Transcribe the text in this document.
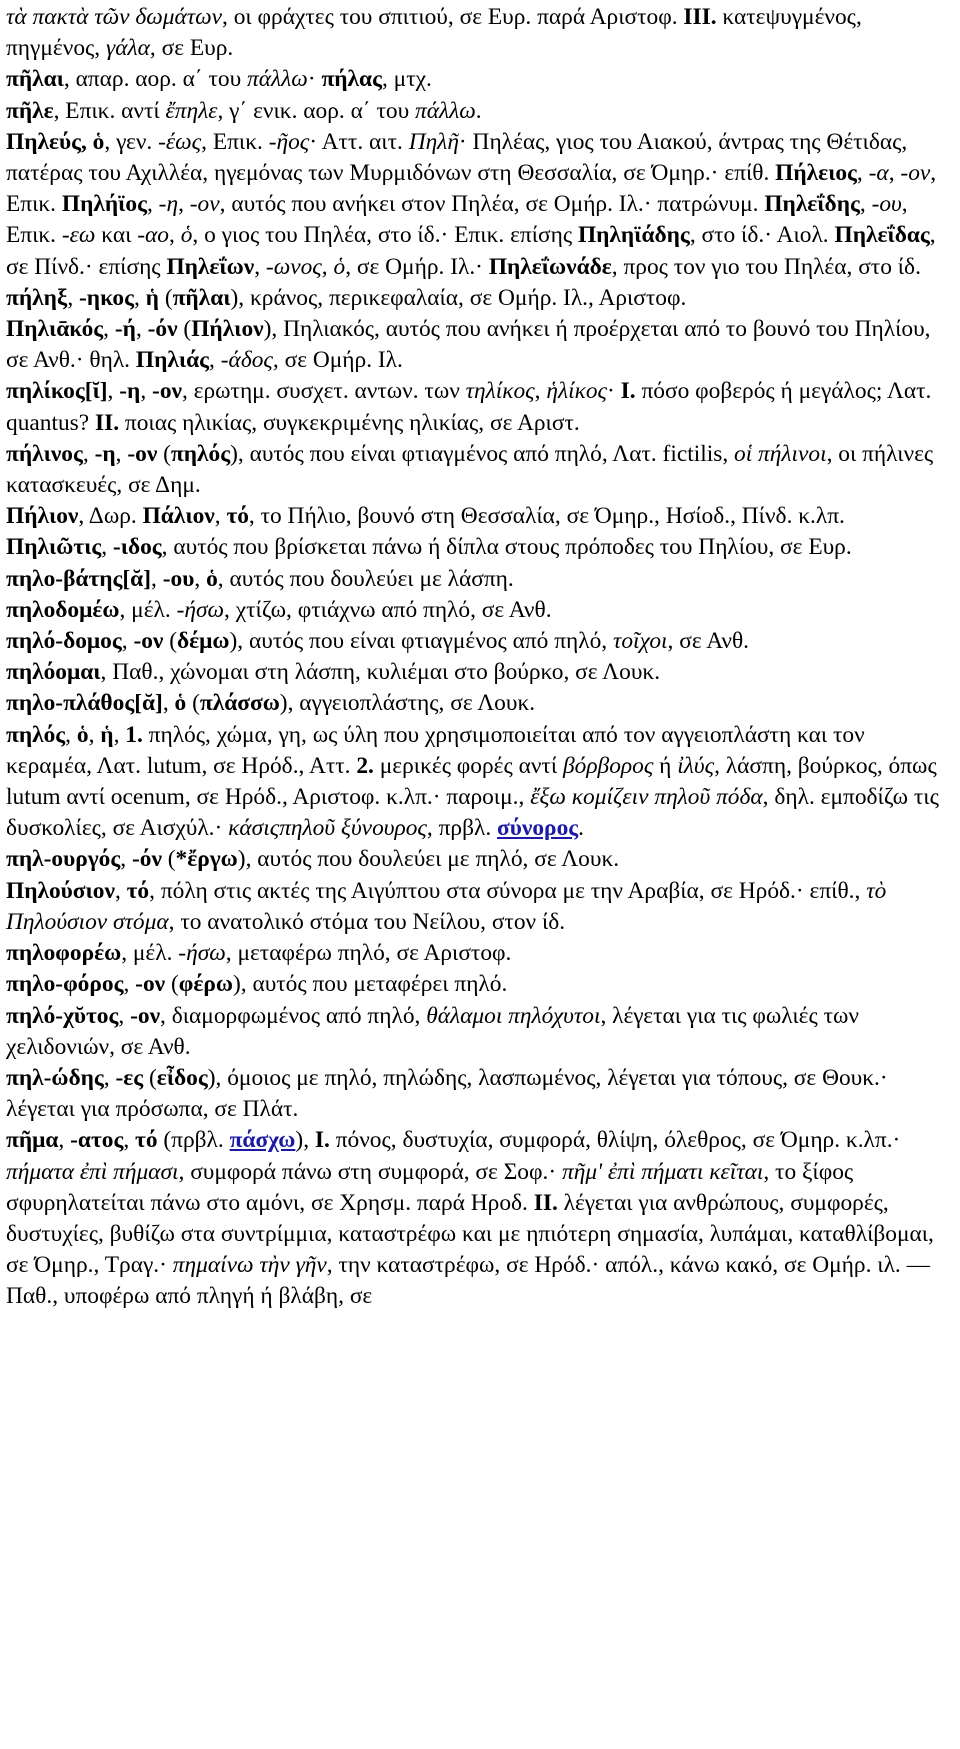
τὰ πακτὰ τῶν δωμάτων, οι φράχτες του σπιτιού, σε Ευρ. παρά Αριστοφ. III. κατεψυγμένος, πηγμένος, γάλα, σε Ευρ.

πῆλαι, απαρ. αορ. α΄ του πάλλω· πήλας, μτχ.

πῆλε, Επικ. αντί ἔπηλε, γ΄ ενικ. αορ. α΄ του πάλλω.

Πηλεύς, ὁ, γεν. -έως, Επικ. -ῆος· Αττ. αιτ. Πηλῆ· Πηλέας, γιος του Αιακού, άντρας της Θέτιδας, πατέρας του Αχιλλέα, ηγεμόνας των Μυρμιδόνων στη Θεσσαλία, σε Όμηρ.· επίθ. Πήλειος, -α, -ον, Επικ. Πηλήϊος, -η, -ον, αυτός που ανήκει στον Πηλέα, σε Ομήρ. Ιλ.· πατρώνυμ. Πηλεΐδης, -ου, Επικ. -εω και -αο, ὁ, ο γιος του Πηλέα, στο ίδ.· Επικ. επίσης Πηληϊάδης, στο ίδ.· Αιολ. Πηλεΐδας, σε Πίνδ.· επίσης Πηλεΐων, -ωνος, ὁ, σε Ομήρ. Ιλ.· Πηλεΐωνάδε, προς τον γιο του Πηλέα, στο ίδ.

πήληξ, -ηκος, ἡ (πῆλαι), κράνος, περικεφαλαία, σε Ομήρ. Ιλ., Αριστοφ.

Πηλιᾱκός, -ή, -όν (Πήλιον), Πηλιακός, αυτός που ανήκει ή προέρχεται από το βουνό του Πηλίου, σε Ανθ.· θηλ. Πηλιάς, -άδος, σε Ομήρ. Ιλ.

πηλίκος[ῐ], -η, -ον, ερωτημ. συσχετ. αντων. των τηλίκος, ἡλίκος· I. πόσο φοβερός ή μεγάλος; Λατ. quantus? II. ποιας ηλικίας, συγκεκριμένης ηλικίας, σε Αριστ.

πήλινος, -η, -ον (πηλός), αυτός που είναι φτιαγμένος από πηλό, Λατ. fictilis, οἱ πήλινοι, οι πήλινες κατασκευές, σε Δημ.

Πήλιον, Δωρ. Πάλιον, τό, το Πήλιο, βουνό στη Θεσσαλία, σε Όμηρ., Ησίοδ., Πίνδ. κ.λπ.

Πηλιῶτις, -ιδος, αυτός που βρίσκεται πάνω ή δίπλα στους πρόποδες του Πηλίου, σε Ευρ.

πηλο-βάτης[ᾰ], -ου, ὁ, αυτός που δουλεύει με λάσπη.

πηλοδομέω, μέλ. -ήσω, χτίζω, φτιάχνω από πηλό, σε Ανθ.

πηλό-δομος, -ον (δέμω), αυτός που είναι φτιαγμένος από πηλό, τοῖχοι, σε Ανθ.

πηλόομαι, Παθ., χώνομαι στη λάσπη, κυλιέμαι στο βούρκο, σε Λουκ.

πηλο-πλάθος[ᾰ], ὁ (πλάσσω), αγγειοπλάστης, σε Λουκ.

πηλός, ὁ, ἡ, 1. πηλός, χώμα, γη, ως ύλη που χρησιμοποιείται από τον αγγειοπλάστη και τον κεραμέα, Λατ. lutum, σε Ηρόδ., Αττ. 2. μερικές φορές αντί βόρβορος ή ἰλύς, λάσπη, βούρκος, όπως lutum αντί ocenum, σε Ηρόδ., Αριστοφ. κ.λπ.· παροιμ., ἔξω κομίζειν πηλοῦ πόδα, δηλ. εμποδίζω τις δυσκολίες, σε Αισχύλ.· κάσιςπηλοῦ ξύνουρος, πρβλ. σύνορος.

πηλ-ουργός, -όν (*ἔργω), αυτός που δουλεύει με πηλό, σε Λουκ.

Πηλούσιον, τό, πόλη στις ακτές της Αιγύπτου στα σύνορα με την Αραβία, σε Ηρόδ.· επίθ., τὸ Πηλούσιον στόμα, το ανατολικό στόμα του Νείλου, στον ίδ.

πηλοφορέω, μέλ. -ήσω, μεταφέρω πηλό, σε Αριστοφ.

πηλο-φόρος, -ον (φέρω), αυτός που μεταφέρει πηλό.

πηλό-χῠτος, -ον, διαμορφωμένος από πηλό, θάλαμοι πηλόχυτοι, λέγεται για τις φωλιές των χελιδονιών, σε Ανθ.

πηλ-ώδης, -ες (εἶδος), όμοιος με πηλό, πηλώδης, λασπωμένος, λέγεται για τόπους, σε Θουκ.· λέγεται για πρόσωπα, σε Πλάτ.

πῆμα, -ατος, τό (πρβλ. πάσχω), I. πόνος, δυστυχία, συμφορά, θλίψη, όλεθρος, σε Όμηρ. κ.λπ.· πήματα ἐπὶ πήμασι, συμφορά πάνω στη συμφορά, σε Σοφ.· πῆμ' ἐπὶ πήματι κεῖται, το ξίφος σφυρηλατείται πάνω στο αμόνι, σε Χρησμ. παρά Ηροδ. II. λέγεται για ανθρώπους, συμφορές, δυστυχίες, βυθίζω στα συντρίμμια, καταστρέφω και με ηπιότερη σημασία, λυπάμαι, καταθλίβομαι, σε Όμηρ., Τραγ.· πημαίνω τὴν γῆν, την καταστρέφω, σε Ηρόδ.· απόλ., κάνω κακό, σε Ομήρ. ιλ. — Παθ., υποφέρω από πληγή ή βλάβη, σε
